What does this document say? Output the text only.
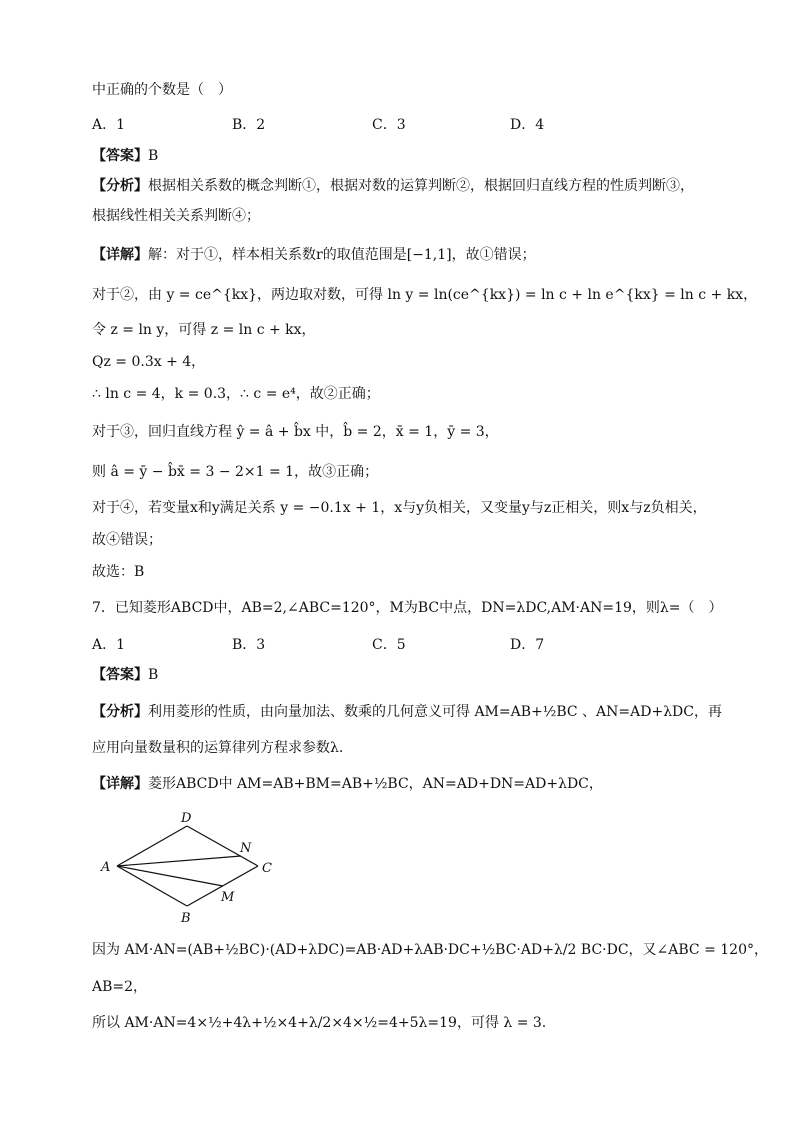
中正确的个数是（　）
A．1	B．2	C．3	D．4
【答案】B
【分析】根据相关系数的概念判断①，根据对数的运算判断②，根据回归直线方程的性质判断③，
根据线性相关关系判断④；
【详解】解：对于①，样本相关系数r的取值范围是[−1,1]，故①错误；
对于②，由 y = ce^{kx}，两边取对数，可得 ln y = ln(ce^{kx}) = ln c + ln e^{kx} = ln c + kx，
令 z = ln y，可得 z = ln c + kx，
Qz = 0.3x + 4，
∴ ln c = 4，k = 0.3，∴ c = e⁴，故②正确；
对于③，回归直线方程 ŷ = â + b̂x 中，b̂ = 2，x̄ = 1，ȳ = 3，
则 â = ȳ − b̂x̄ = 3 − 2×1 = 1，故③正确；
对于④，若变量x和y满足关系 y = −0.1x + 1，x与y负相关，又变量y与z正相关，则x与z负相关，
故④错误；
故选：B
7．已知菱形ABCD中，AB=2,∠ABC=120°，M为BC中点，DN=λDC,AM·AN=19，则λ=（　）
A．1	B．3	C．5	D．7
【答案】B
【分析】利用菱形的性质，由向量加法、数乘的几何意义可得 AM=AB+½BC 、AN=AD+λDC，再
应用向量数量积的运算律列方程求参数λ.
【详解】菱形ABCD中 AM=AB+BM=AB+½BC，AN=AD+DN=AD+λDC，
A
D
C
B
N
M
因为 AM·AN=(AB+½BC)·(AD+λDC)=AB·AD+λAB·DC+½BC·AD+λ/2 BC·DC，又∠ABC = 120°，
AB=2，
所以 AM·AN=4×½+4λ+½×4+λ/2×4×½=4+5λ=19，可得 λ = 3.
